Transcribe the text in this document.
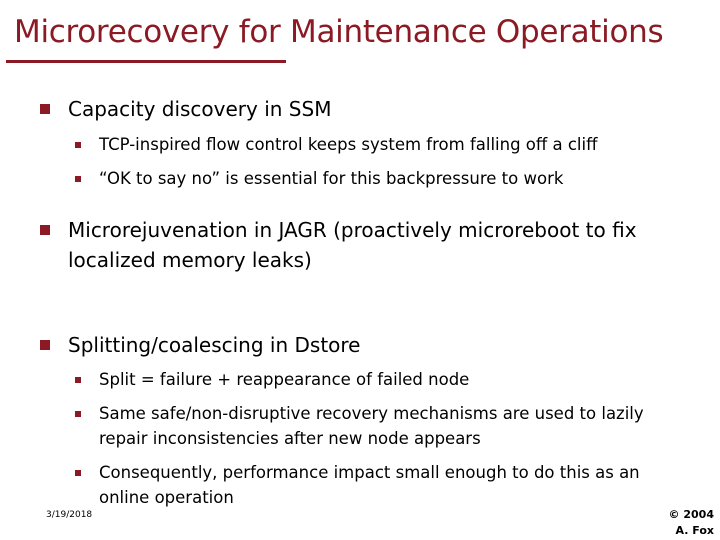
Microrecovery for Maintenance Operations
Capacity discovery in SSM
TCP-inspired flow control keeps system from falling off a cliff
“OK to say no” is essential for this backpressure to work
Microrejuvenation in JAGR (proactively microreboot to fix
localized memory leaks)
Splitting/coalescing in Dstore
Split = failure + reappearance of failed node
Same safe/non-disruptive recovery mechanisms are used to lazily
repair inconsistencies after new node appears
Consequently, performance impact small enough to do this as an
online operation
3/19/2018	© 2004
A. Fox
